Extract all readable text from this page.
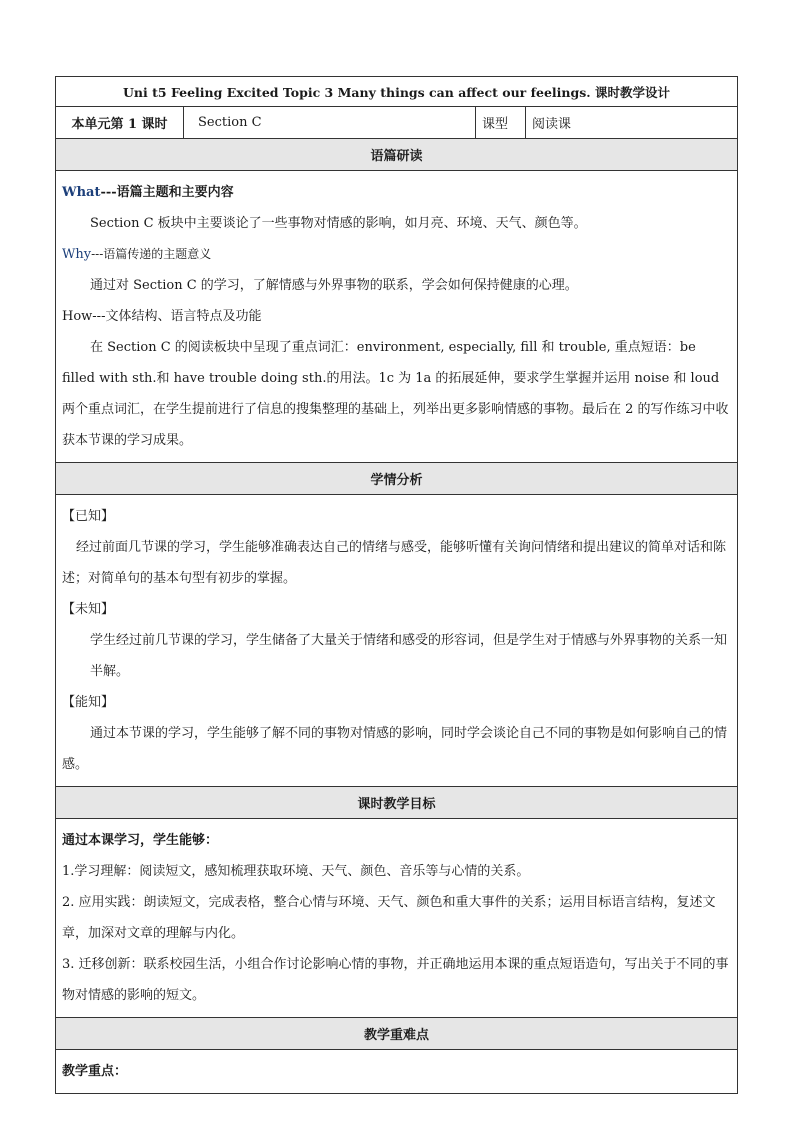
Uni t5 Feeling Excited Topic 3 Many things can affect our feelings. 课时教学设计
本单元第 1 课时	Section C	课型	阅读课
语篇研读

What---语篇主题和主要内容

Section C 板块中主要谈论了一些事物对情感的影响，如月亮、环境、天气、颜色等。

Why---语篇传递的主题意义

通过对 Section C 的学习，了解情感与外界事物的联系，学会如何保持健康的心理。

How---文体结构、语言特点及功能

在 Section C 的阅读板块中呈现了重点词汇：environment, especially, fill 和 trouble, 重点短语：be filled with sth.和 have trouble doing sth.的用法。1c 为 1a 的拓展延伸，要求学生掌握并运用 noise 和 loud 两个重点词汇，在学生提前进行了信息的搜集整理的基础上，列举出更多影响情感的事物。最后在 2 的写作练习中收获本节课的学习成果。

学情分析

【已知】

经过前面几节课的学习，学生能够准确表达自己的情绪与感受，能够听懂有关询问情绪和提出建议的简单对话和陈述；对简单句的基本句型有初步的掌握。

【未知】

学生经过前几节课的学习，学生储备了大量关于情绪和感受的形容词，但是学生对于情感与外界事物的关系一知半解。

【能知】

通过本节课的学习，学生能够了解不同的事物对情感的影响，同时学会谈论自己不同的事物是如何影响自己的情感。

课时教学目标

通过本课学习，学生能够：

1.学习理解：阅读短文，感知梳理获取环境、天气、颜色、音乐等与心情的关系。

2. 应用实践：朗读短文，完成表格，整合心情与环境、天气、颜色和重大事件的关系；运用目标语言结构，复述文章，加深对文章的理解与内化。

3. 迁移创新：联系校园生活，小组合作讨论影响心情的事物，并正确地运用本课的重点短语造句，写出关于不同的事物对情感的影响的短文。

教学重难点

教学重点：
